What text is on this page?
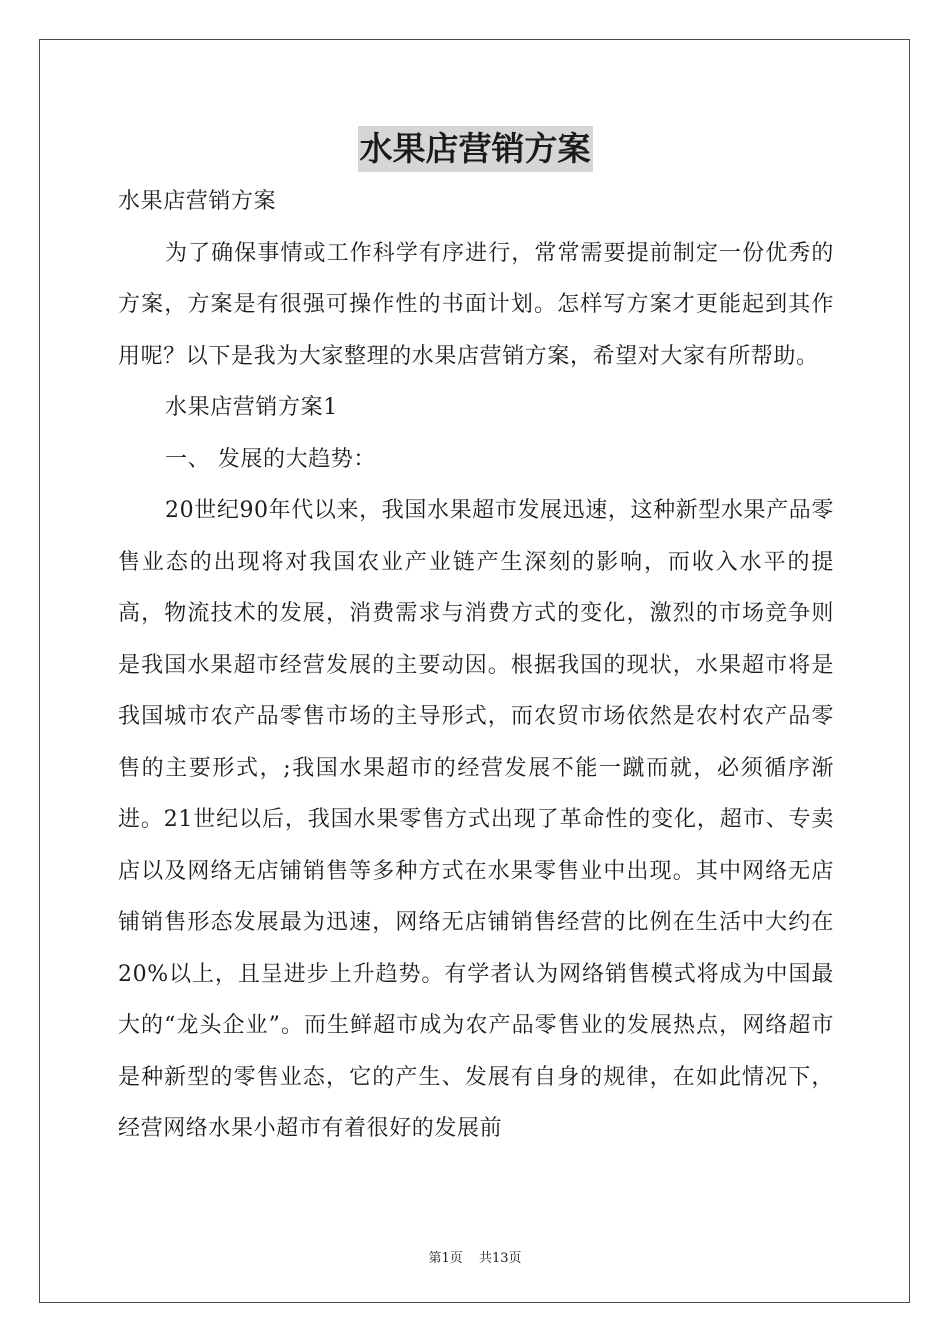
水果店营销方案

水果店营销方案

为了确保事情或工作科学有序进行，常常需要提前制定一份优秀的方案，方案是有很强可操作性的书面计划。怎样写方案才更能起到其作用呢？以下是我为大家整理的水果店营销方案，希望对大家有所帮助。

水果店营销方案1

一、 发展的大趋势：

20世纪90年代以来，我国水果超市发展迅速，这种新型水果产品零售业态的出现将对我国农业产业链产生深刻的影响，而收入水平的提高，物流技术的发展，消费需求与消费方式的变化，激烈的市场竞争则是我国水果超市经营发展的主要动因。根据我国的现状，水果超市将是我国城市农产品零售市场的主导形式，而农贸市场依然是农村农产品零售的主要形式，;我国水果超市的经营发展不能一蹴而就，必须循序渐进。21世纪以后，我国水果零售方式出现了革命性的变化，超市、专卖店以及网络无店铺销售等多种方式在水果零售业中出现。其中网络无店铺销售形态发展最为迅速，网络无店铺销售经营的比例在生活中大约在20%以上，且呈进步上升趋势。有学者认为网络销售模式将成为中国最大的“龙头企业”。而生鲜超市成为农产品零售业的发展热点，网络超市是种新型的零售业态，它的产生、发展有自身的规律，在如此情况下，经营网络水果小超市有着很好的发展前

第1页 共13页
